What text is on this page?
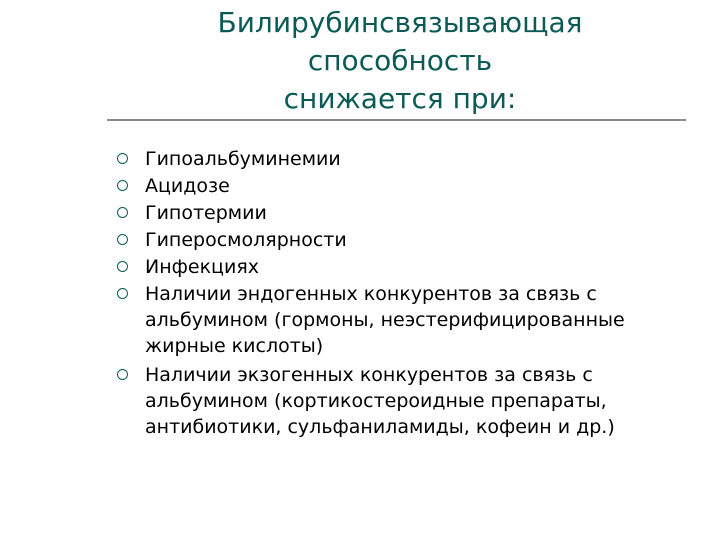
Билирубинсвязывающая
способность
снижается при:
Гипоальбуминемии
Ацидозе
Гипотермии
Гиперосмолярности
Инфекциях
Наличии эндогенных конкурентов за связь с альбумином (гормоны, неэстерифицированные жирные кислоты)
Наличии экзогенных конкурентов за связь с альбумином (кортикостероидные препараты, антибиотики, сульфаниламиды, кофеин и др.)
